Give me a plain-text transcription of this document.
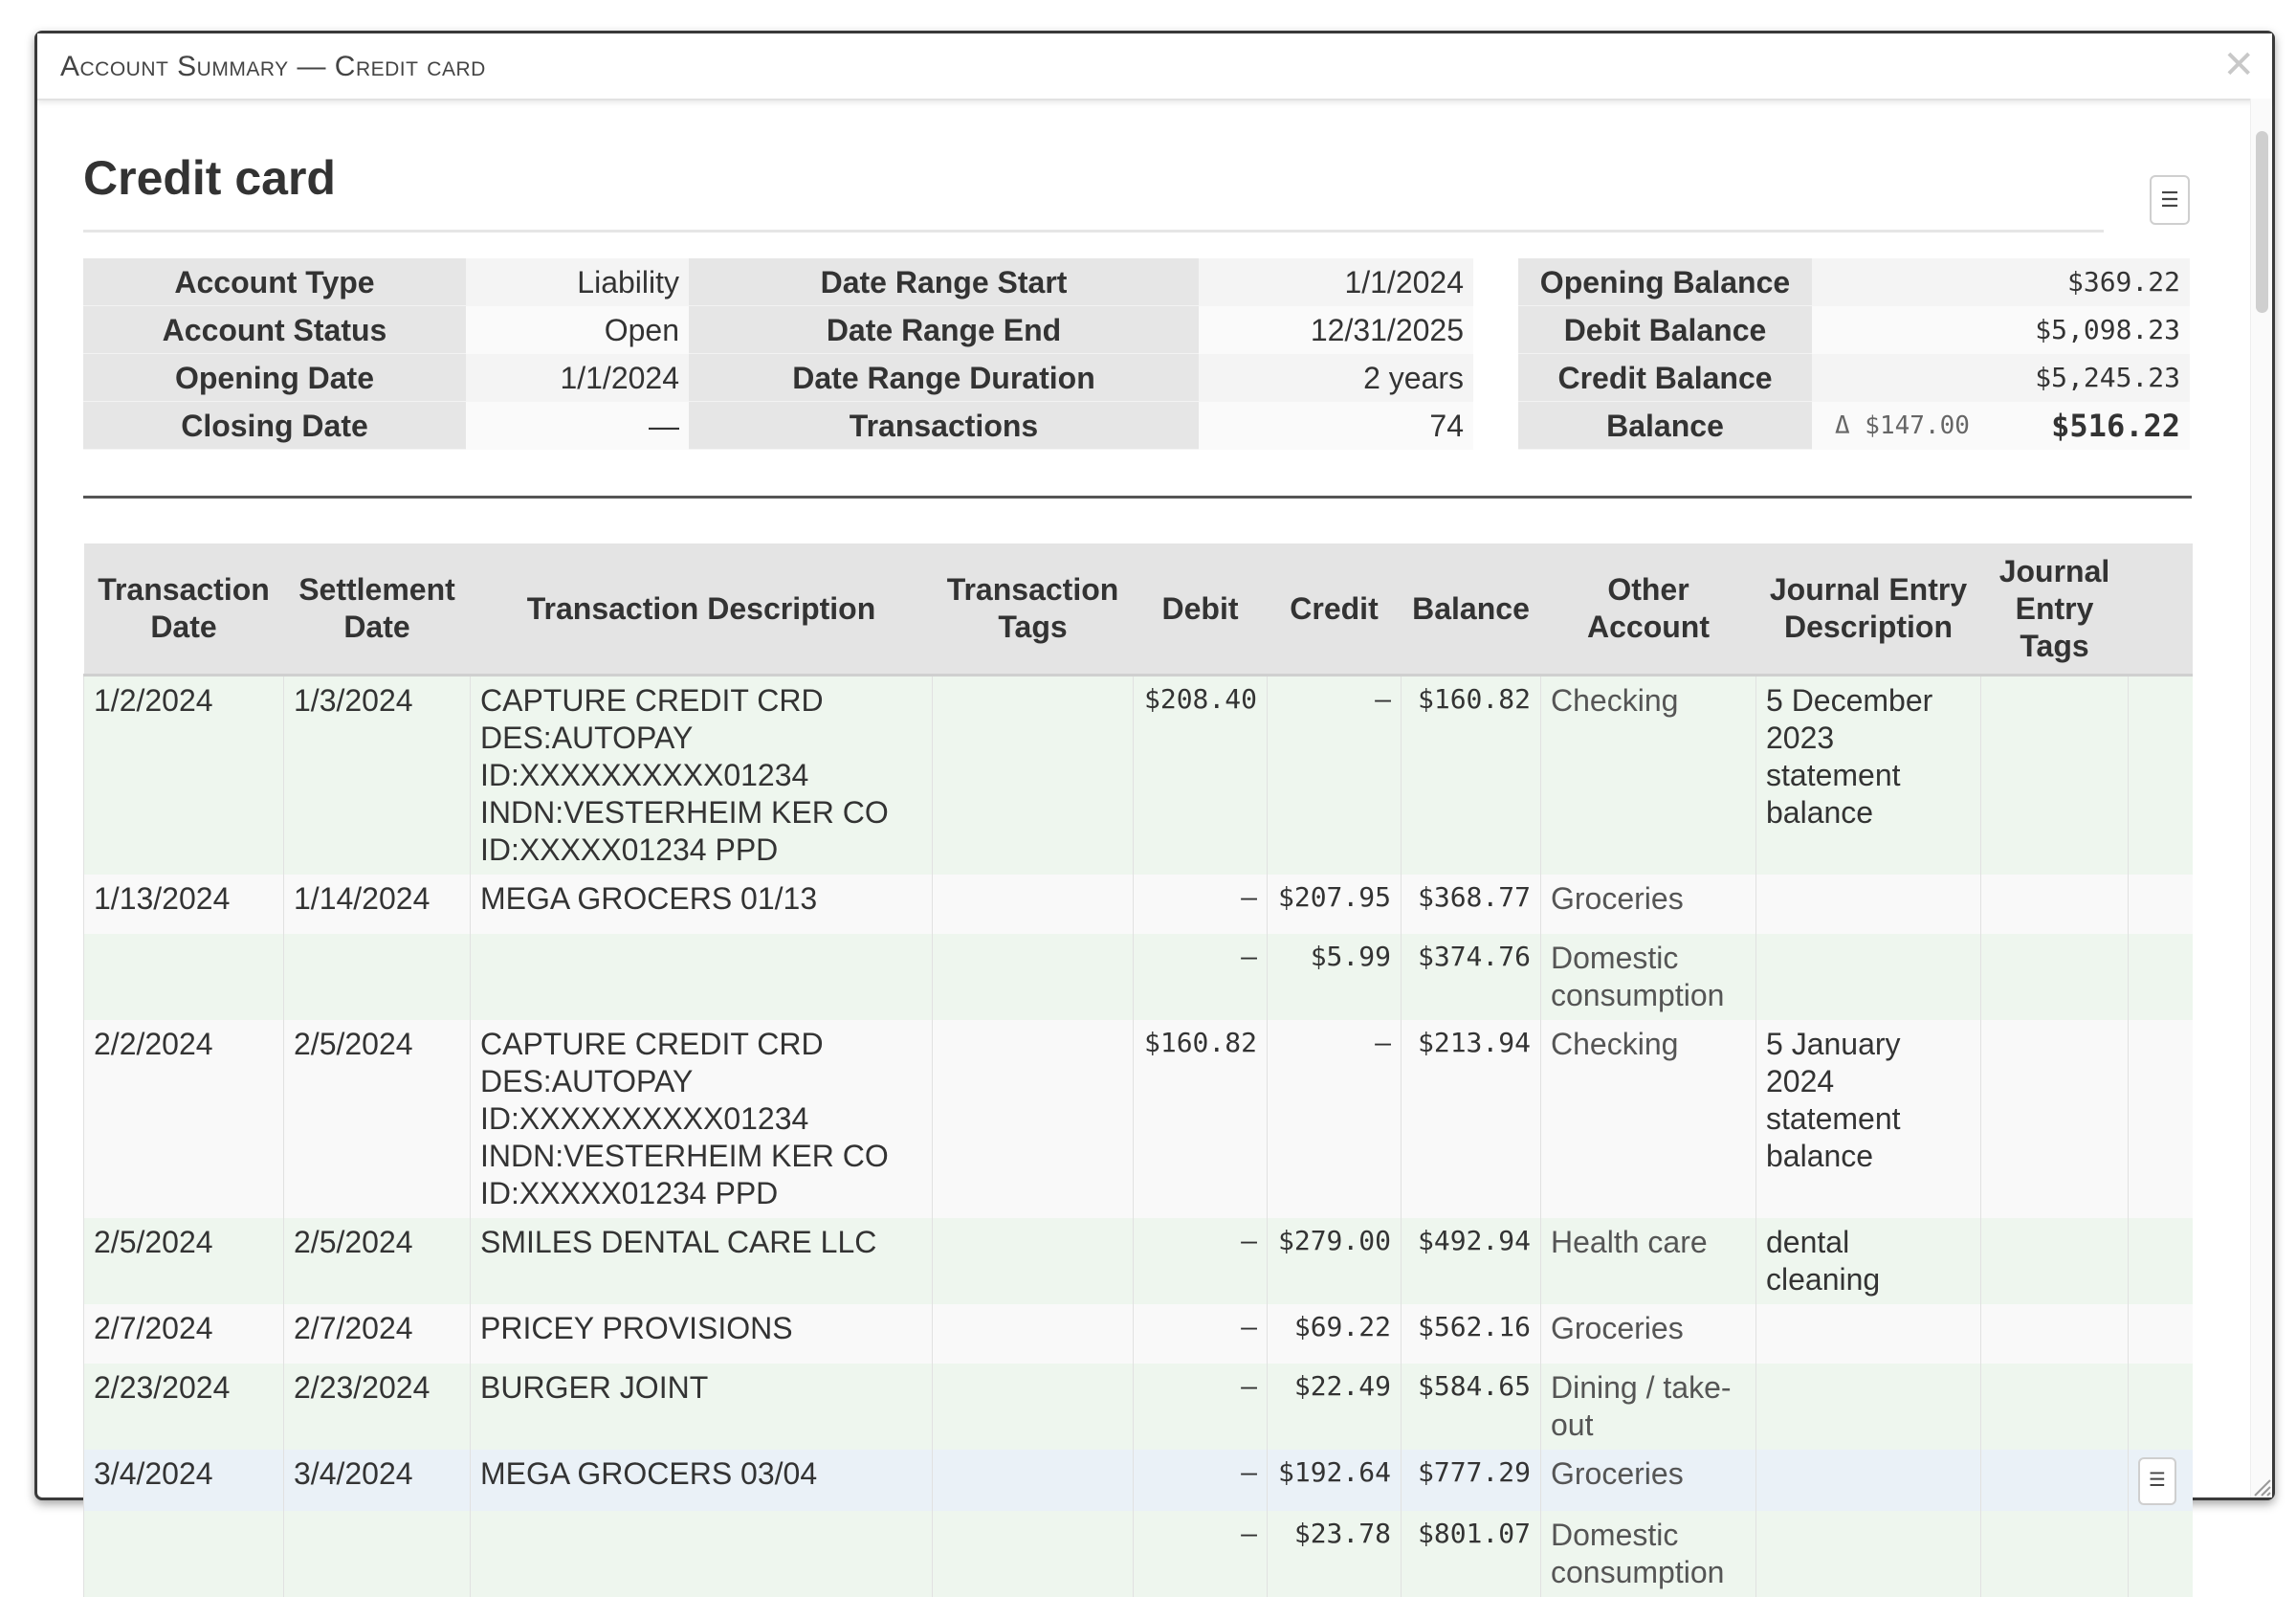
Account Summary — Credit card	✕
Credit card	☰
Account Type	Liability
Account Status	Open
Opening Date	1/1/2024
Closing Date	—
Date Range Start	1/1/2024
Date Range End	12/31/2025
Date Range Duration	2 years
Transactions	74
Opening Balance	$369.22
Debit Balance	$5,098.23
Credit Balance	$5,245.23
Balance	Δ $147.00	$516.22
Transaction Date	Settlement Date	Transaction Description	Transaction Tags	Debit	Credit	Balance	Other Account	Journal Entry Description	Journal Entry Tags	
1/2/2024	1/3/2024	CAPTURE CREDIT CRD DES:AUTOPAY ID:XXXXXXXXXX01234 INDN:VESTERHEIM KER CO ID:XXXXX01234 PPD		$208.40	–	$160.82	Checking	5 December 2023 statement balance		
1/13/2024	1/14/2024	MEGA GROCERS 01/13		–	$207.95	$368.77	Groceries			
				–	$5.99	$374.76	Domestic consumption			
2/2/2024	2/5/2024	CAPTURE CREDIT CRD DES:AUTOPAY ID:XXXXXXXXXX01234 INDN:VESTERHEIM KER CO ID:XXXXX01234 PPD		$160.82	–	$213.94	Checking	5 January 2024 statement balance		
2/5/2024	2/5/2024	SMILES DENTAL CARE LLC		–	$279.00	$492.94	Health care	dental cleaning		
2/7/2024	2/7/2024	PRICEY PROVISIONS		–	$69.22	$562.16	Groceries			
2/23/2024	2/23/2024	BURGER JOINT		–	$22.49	$584.65	Dining / take-out			
3/4/2024	3/4/2024	MEGA GROCERS 03/04		–	$192.64	$777.29	Groceries			☰
				–	$23.78	$801.07	Domestic consumption			
